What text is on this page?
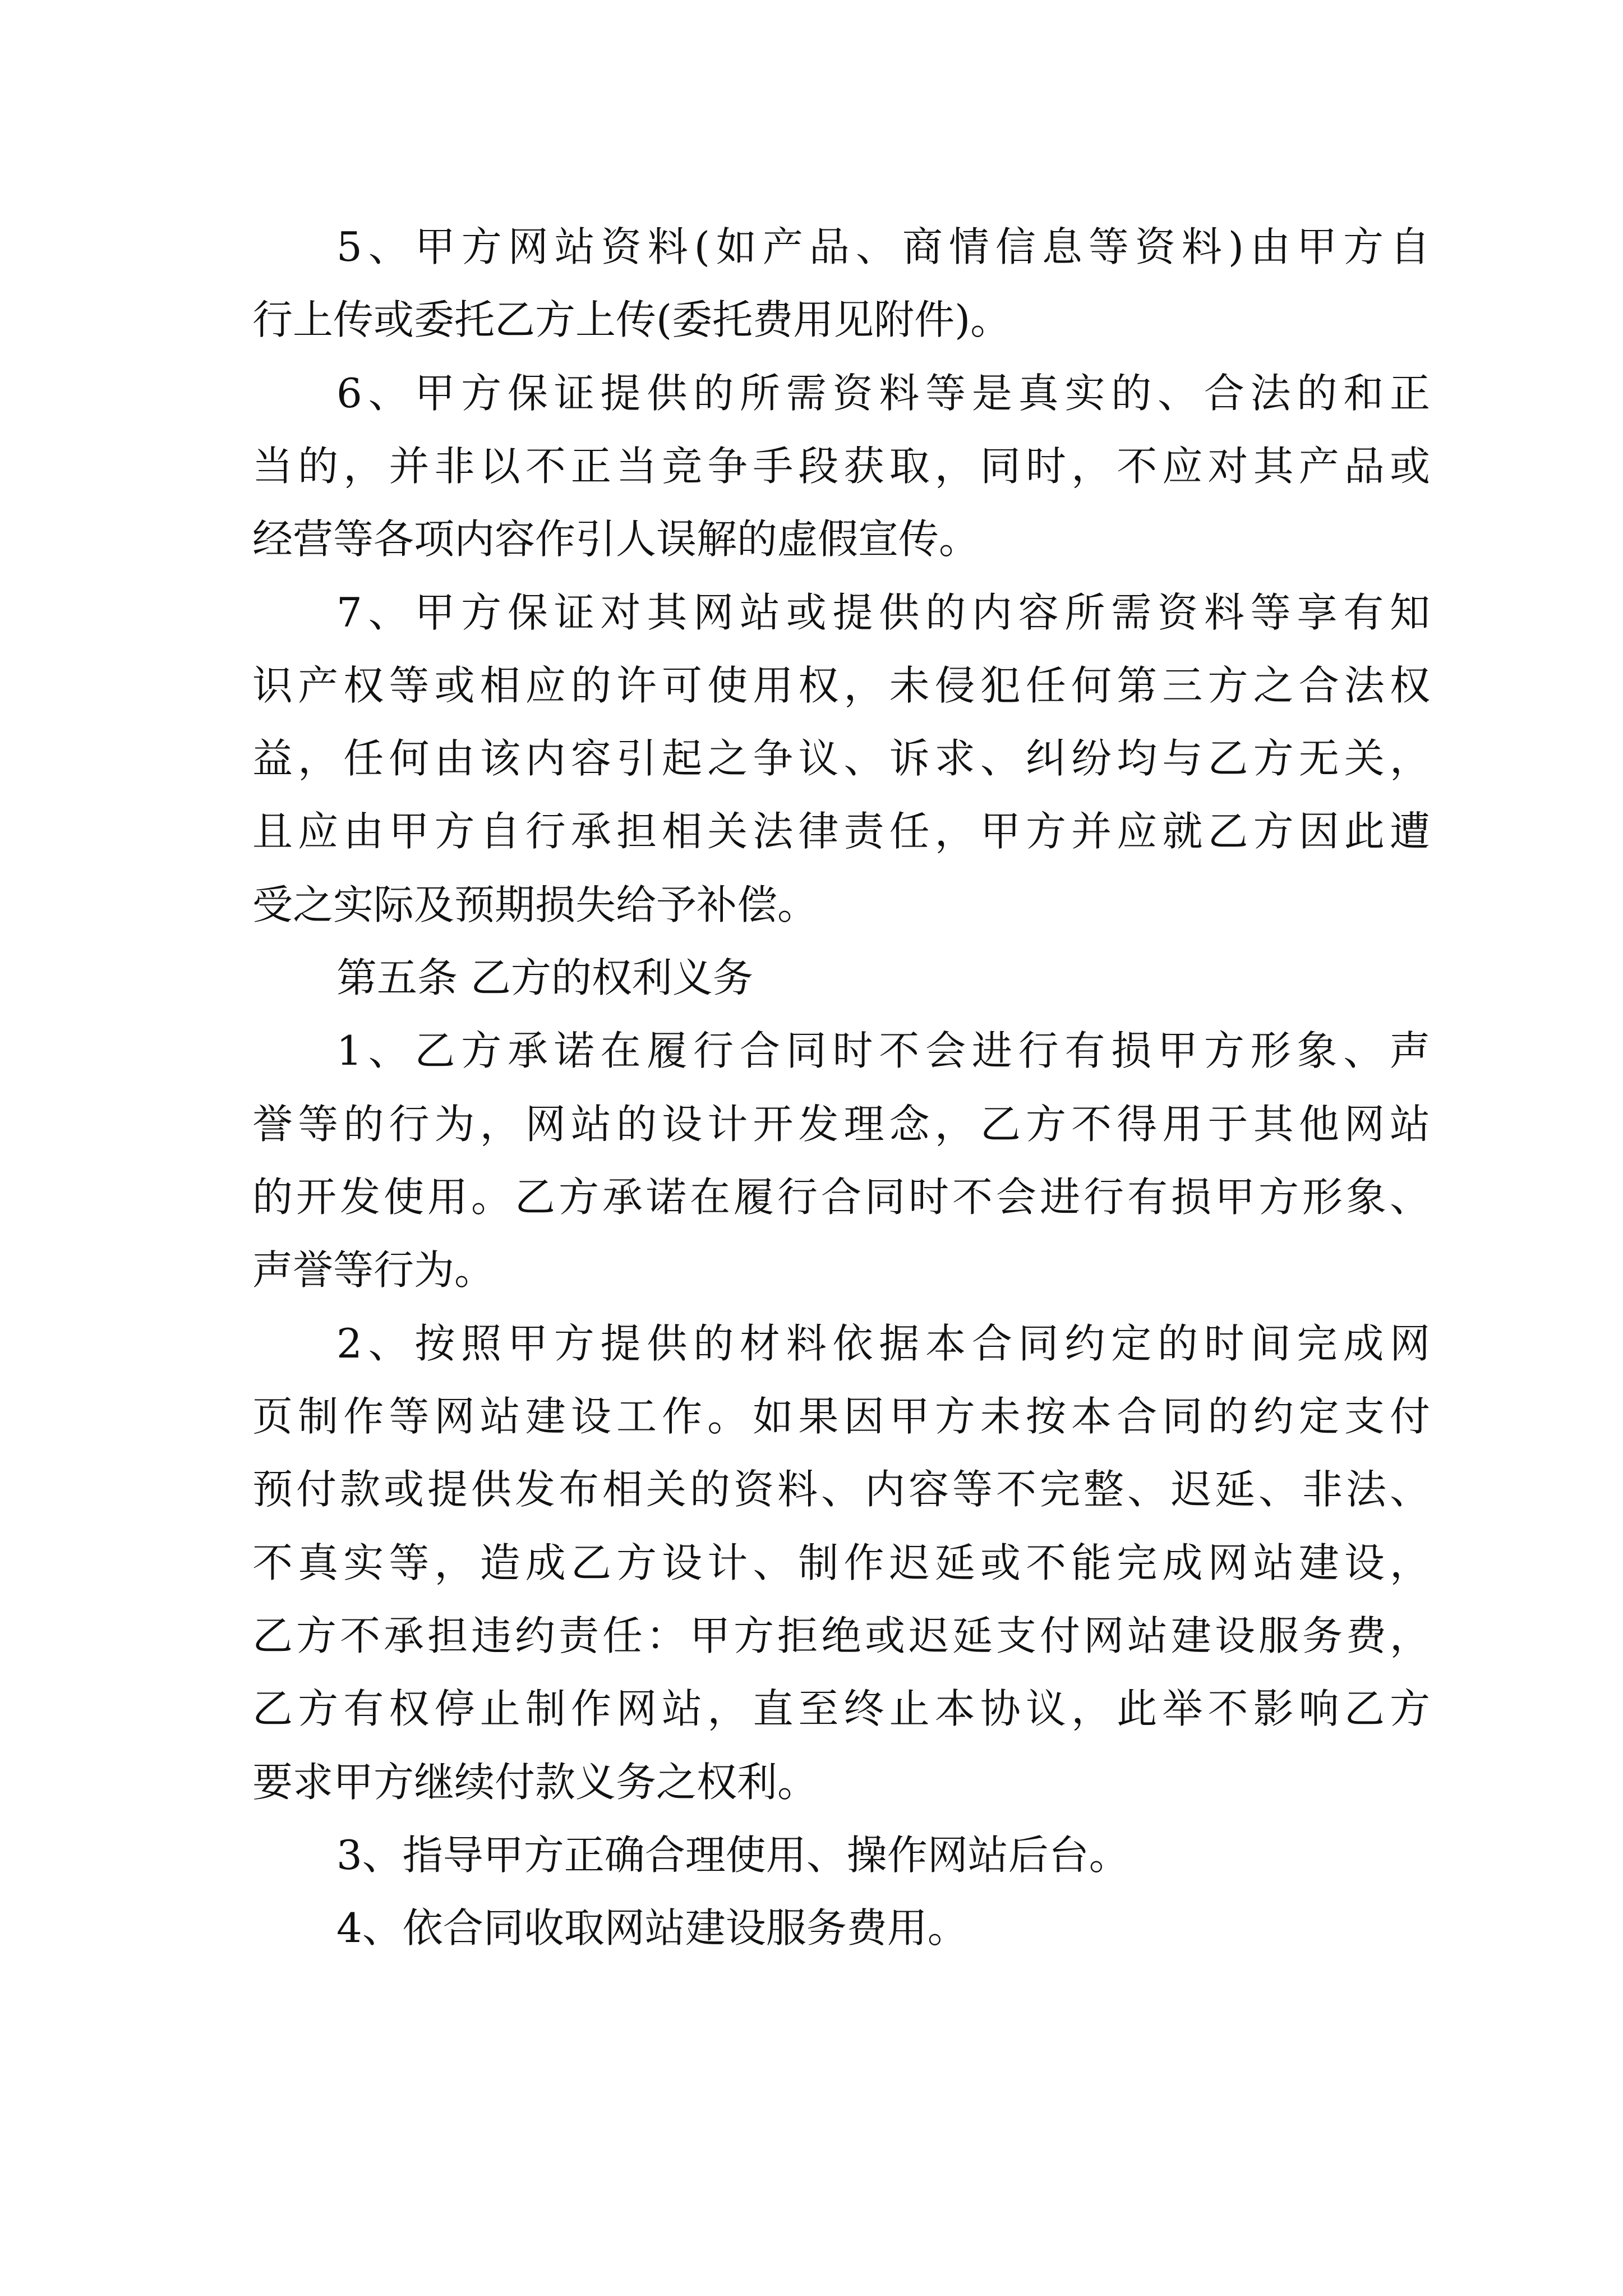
5、甲方网站资料(如产品、商情信息等资料)由甲方自
行上传或委托乙方上传(委托费用见附件)。
6、甲方保证提供的所需资料等是真实的、合法的和正
当的，并非以不正当竞争手段获取，同时，不应对其产品或
经营等各项内容作引人误解的虚假宣传。
7、甲方保证对其网站或提供的内容所需资料等享有知
识产权等或相应的许可使用权，未侵犯任何第三方之合法权
益，任何由该内容引起之争议、诉求、纠纷均与乙方无关，
且应由甲方自行承担相关法律责任，甲方并应就乙方因此遭
受之实际及预期损失给予补偿。
第五条 乙方的权利义务
1、乙方承诺在履行合同时不会进行有损甲方形象、声
誉等的行为，网站的设计开发理念，乙方不得用于其他网站
的开发使用。乙方承诺在履行合同时不会进行有损甲方形象、
声誉等行为。
2、按照甲方提供的材料依据本合同约定的时间完成网
页制作等网站建设工作。如果因甲方未按本合同的约定支付
预付款或提供发布相关的资料、内容等不完整、迟延、非法、
不真实等，造成乙方设计、制作迟延或不能完成网站建设，
乙方不承担违约责任：甲方拒绝或迟延支付网站建设服务费，
乙方有权停止制作网站，直至终止本协议，此举不影响乙方
要求甲方继续付款义务之权利。
3、指导甲方正确合理使用、操作网站后台。
4、依合同收取网站建设服务费用。
